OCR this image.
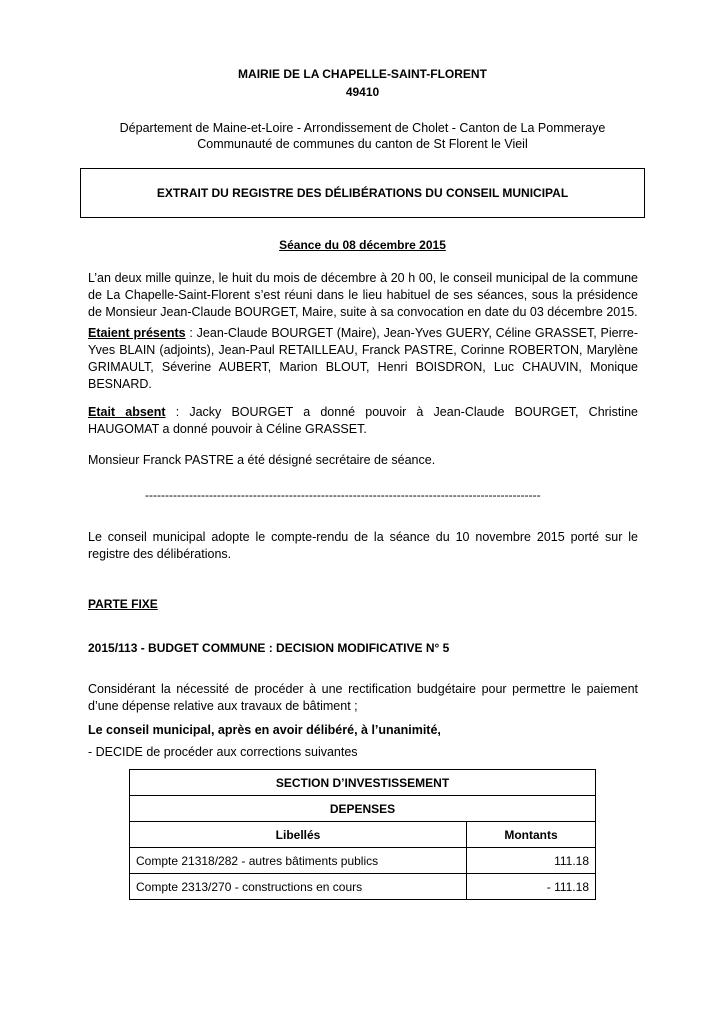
MAIRIE DE LA CHAPELLE-SAINT-FLORENT
49410
Département de Maine-et-Loire - Arrondissement de Cholet - Canton de La Pommeraye
Communauté de communes du canton de St Florent le Vieil
EXTRAIT DU REGISTRE DES DÉLIBÉRATIONS DU CONSEIL MUNICIPAL
Séance du 08 décembre 2015
L’an deux mille quinze, le huit du mois de décembre à 20 h 00, le conseil municipal de la commune de La Chapelle-Saint-Florent s’est réuni dans le lieu habituel de ses séances, sous la présidence de Monsieur Jean-Claude BOURGET, Maire, suite à sa convocation en date du 03 décembre 2015.
Etaient présents : Jean-Claude BOURGET (Maire), Jean-Yves GUERY, Céline GRASSET, Pierre-Yves BLAIN (adjoints), Jean-Paul RETAILLEAU, Franck PASTRE, Corinne ROBERTON, Marylène GRIMAULT, Séverine AUBERT, Marion BLOUT, Henri BOISDRON, Luc CHAUVIN, Monique BESNARD.
Etait absent : Jacky BOURGET a donné pouvoir à Jean-Claude BOURGET, Christine HAUGOMAT a donné pouvoir à Céline GRASSET.
Monsieur Franck PASTRE a été désigné secrétaire de séance.
---------------------------------------------------------------------------------------------------
Le conseil municipal adopte le compte-rendu de la séance du 10 novembre 2015 porté sur le registre des délibérations.
PARTE FIXE
2015/113 - BUDGET COMMUNE : DECISION MODIFICATIVE N° 5
Considérant la nécessité de procéder à une rectification budgétaire pour permettre le paiement d’une dépense relative aux travaux de bâtiment ;
Le conseil municipal, après en avoir délibéré, à l’unanimité,
- DECIDE de procéder aux corrections suivantes
SECTION D’INVESTISSEMENT	
DEPENSES	
Libellés	Montants
Compte 21318/282 - autres bâtiments publics	111.18
Compte 2313/270 - constructions en cours	- 111.18
